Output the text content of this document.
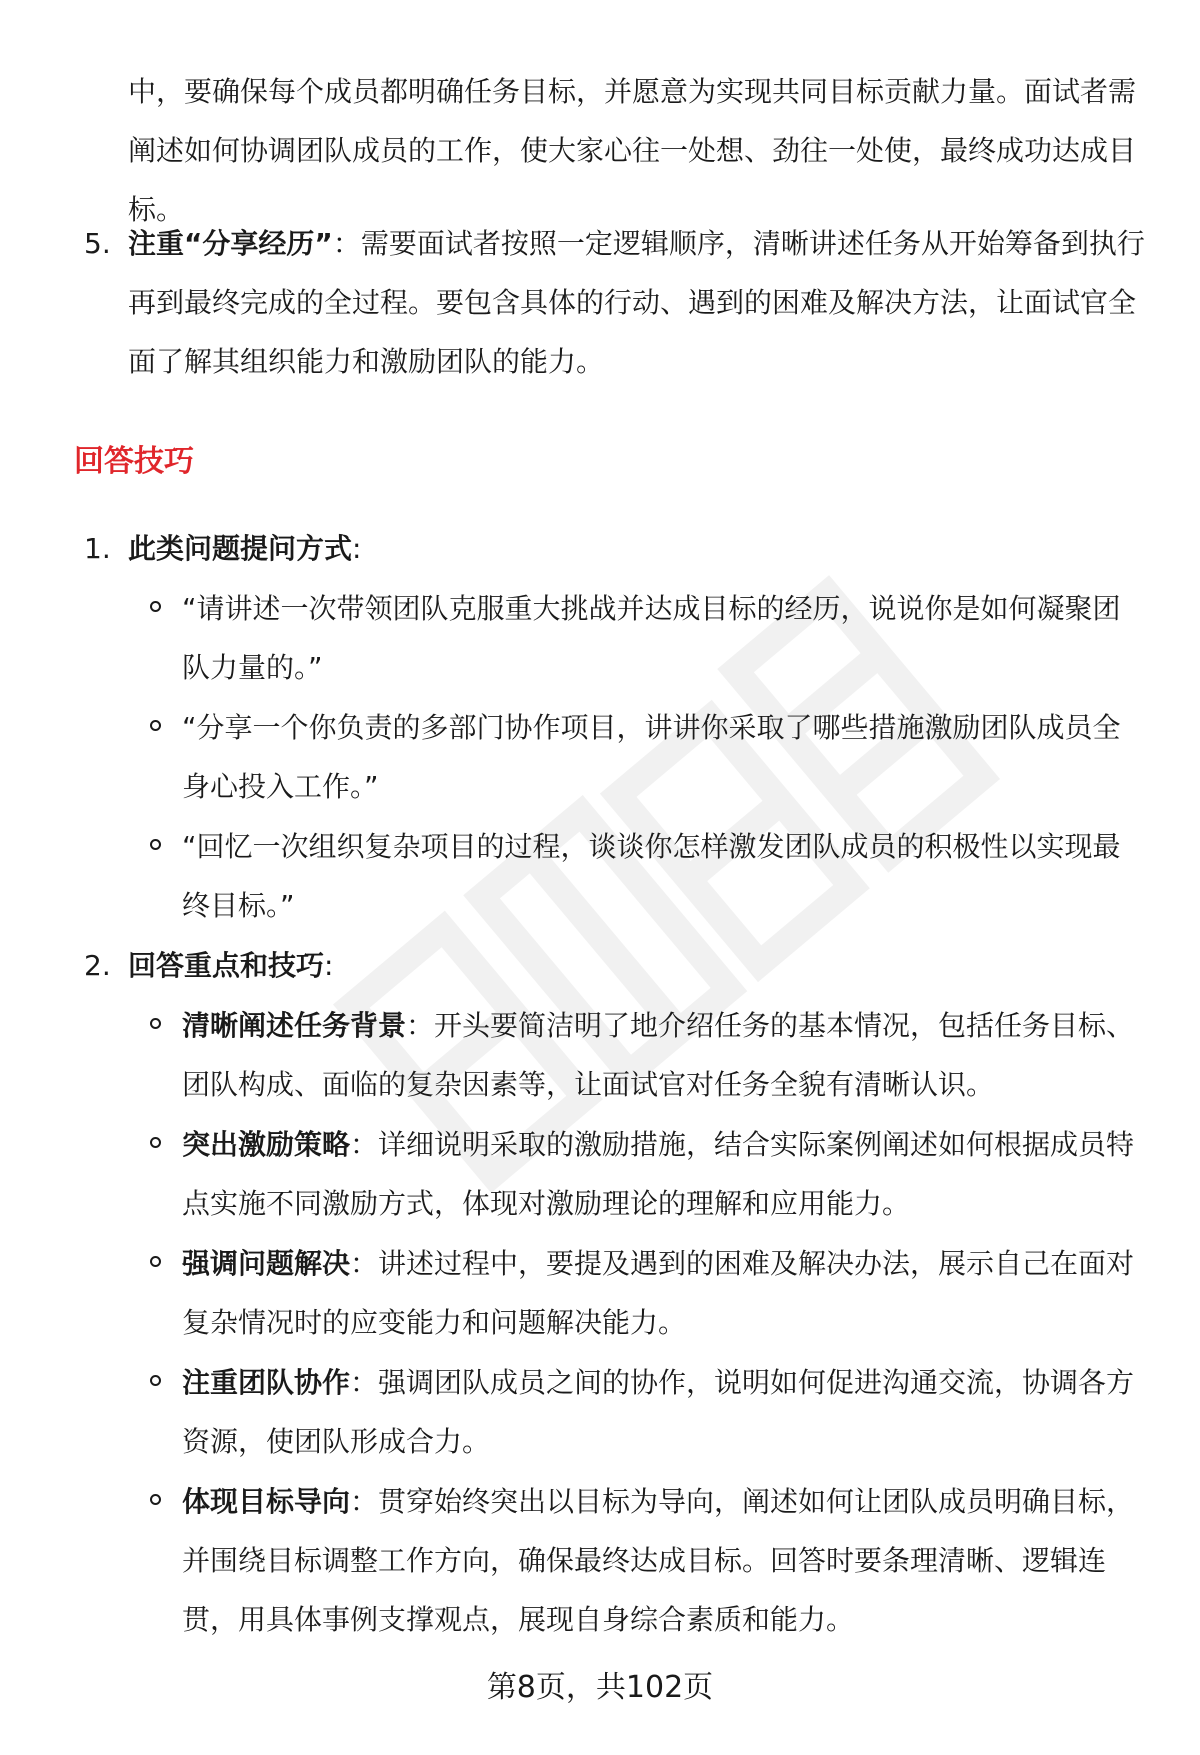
中，要确保每个成员都明确任务目标，并愿意为实现共同目标贡献力量。面试者需阐述如何协调团队成员的工作，使大家心往一处想、劲往一处使，最终成功达成目标。

5. 注重“分享经历”：需要面试者按照一定逻辑顺序，清晰讲述任务从开始筹备到执行再到最终完成的全过程。要包含具体的行动、遇到的困难及解决方法，让面试官全面了解其组织能力和激励团队的能力。
回答技巧
1. 此类问题提问方式:
“请讲述一次带领团队克服重大挑战并达成目标的经历，说说你是如何凝聚团队力量的。”
“分享一个你负责的多部门协作项目，讲讲你采取了哪些措施激励团队成员全身心投入工作。”
“回忆一次组织复杂项目的过程，谈谈你怎样激发团队成员的积极性以实现最终目标。”
2. 回答重点和技巧:
清晰阐述任务背景：开头要简洁明了地介绍任务的基本情况，包括任务目标、团队构成、面临的复杂因素等，让面试官对任务全貌有清晰认识。
突出激励策略：详细说明采取的激励措施，结合实际案例阐述如何根据成员特点实施不同激励方式，体现对激励理论的理解和应用能力。
强调问题解决：讲述过程中，要提及遇到的困难及解决办法，展示自己在面对复杂情况时的应变能力和问题解决能力。
注重团队协作：强调团队成员之间的协作，说明如何促进沟通交流，协调各方资源，使团队形成合力。
体现目标导向：贯穿始终突出以目标为导向，阐述如何让团队成员明确目标，并围绕目标调整工作方向，确保最终达成目标。回答时要条理清晰、逻辑连贯，用具体事例支撑观点，展现自身综合素质和能力。
第8页，共102页
